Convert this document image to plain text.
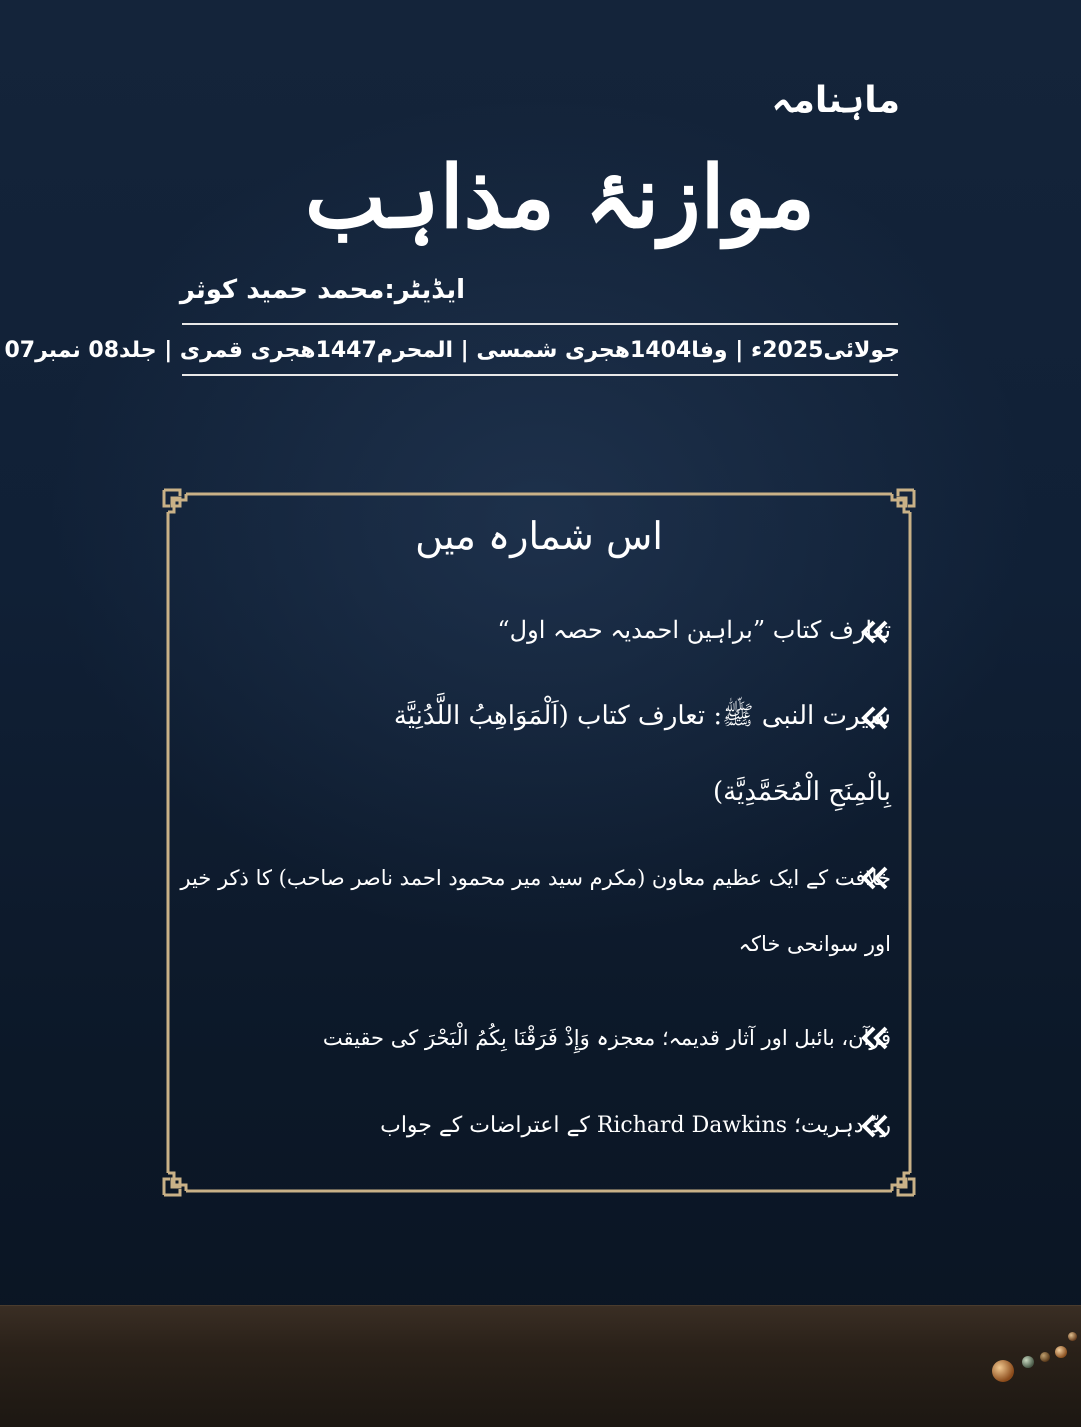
ماہنامہ
موازنۂ مذاہب
ایڈیٹر:محمد حمید کوثر
جولائی2025ء | وفا1404ھجری شمسی | المحرم1447ھجری قمری | جلد08 نمبر07
اس شمارہ میں
تعارف کتاب ”براہین احمدیہ حصہ اول“
سیرت النبی ﷺ: تعارف کتاب (اَلْمَوَاهِبُ اللَّدُنِيَّة
بِالْمِنَحِ الْمُحَمَّدِيَّة)
خلافت کے ایک عظیم معاون (مکرم سید میر محمود احمد ناصر صاحب) کا ذکر خیر
اور سوانحی خاکہ
قرآن، بائبل اور آثار قدیمہ؛ معجزہ وَإِذْ فَرَقْنَا بِكُمُ الْبَحْرَ کی حقیقت
ردّ دہریت؛ Richard Dawkins کے اعتراضات کے جواب
